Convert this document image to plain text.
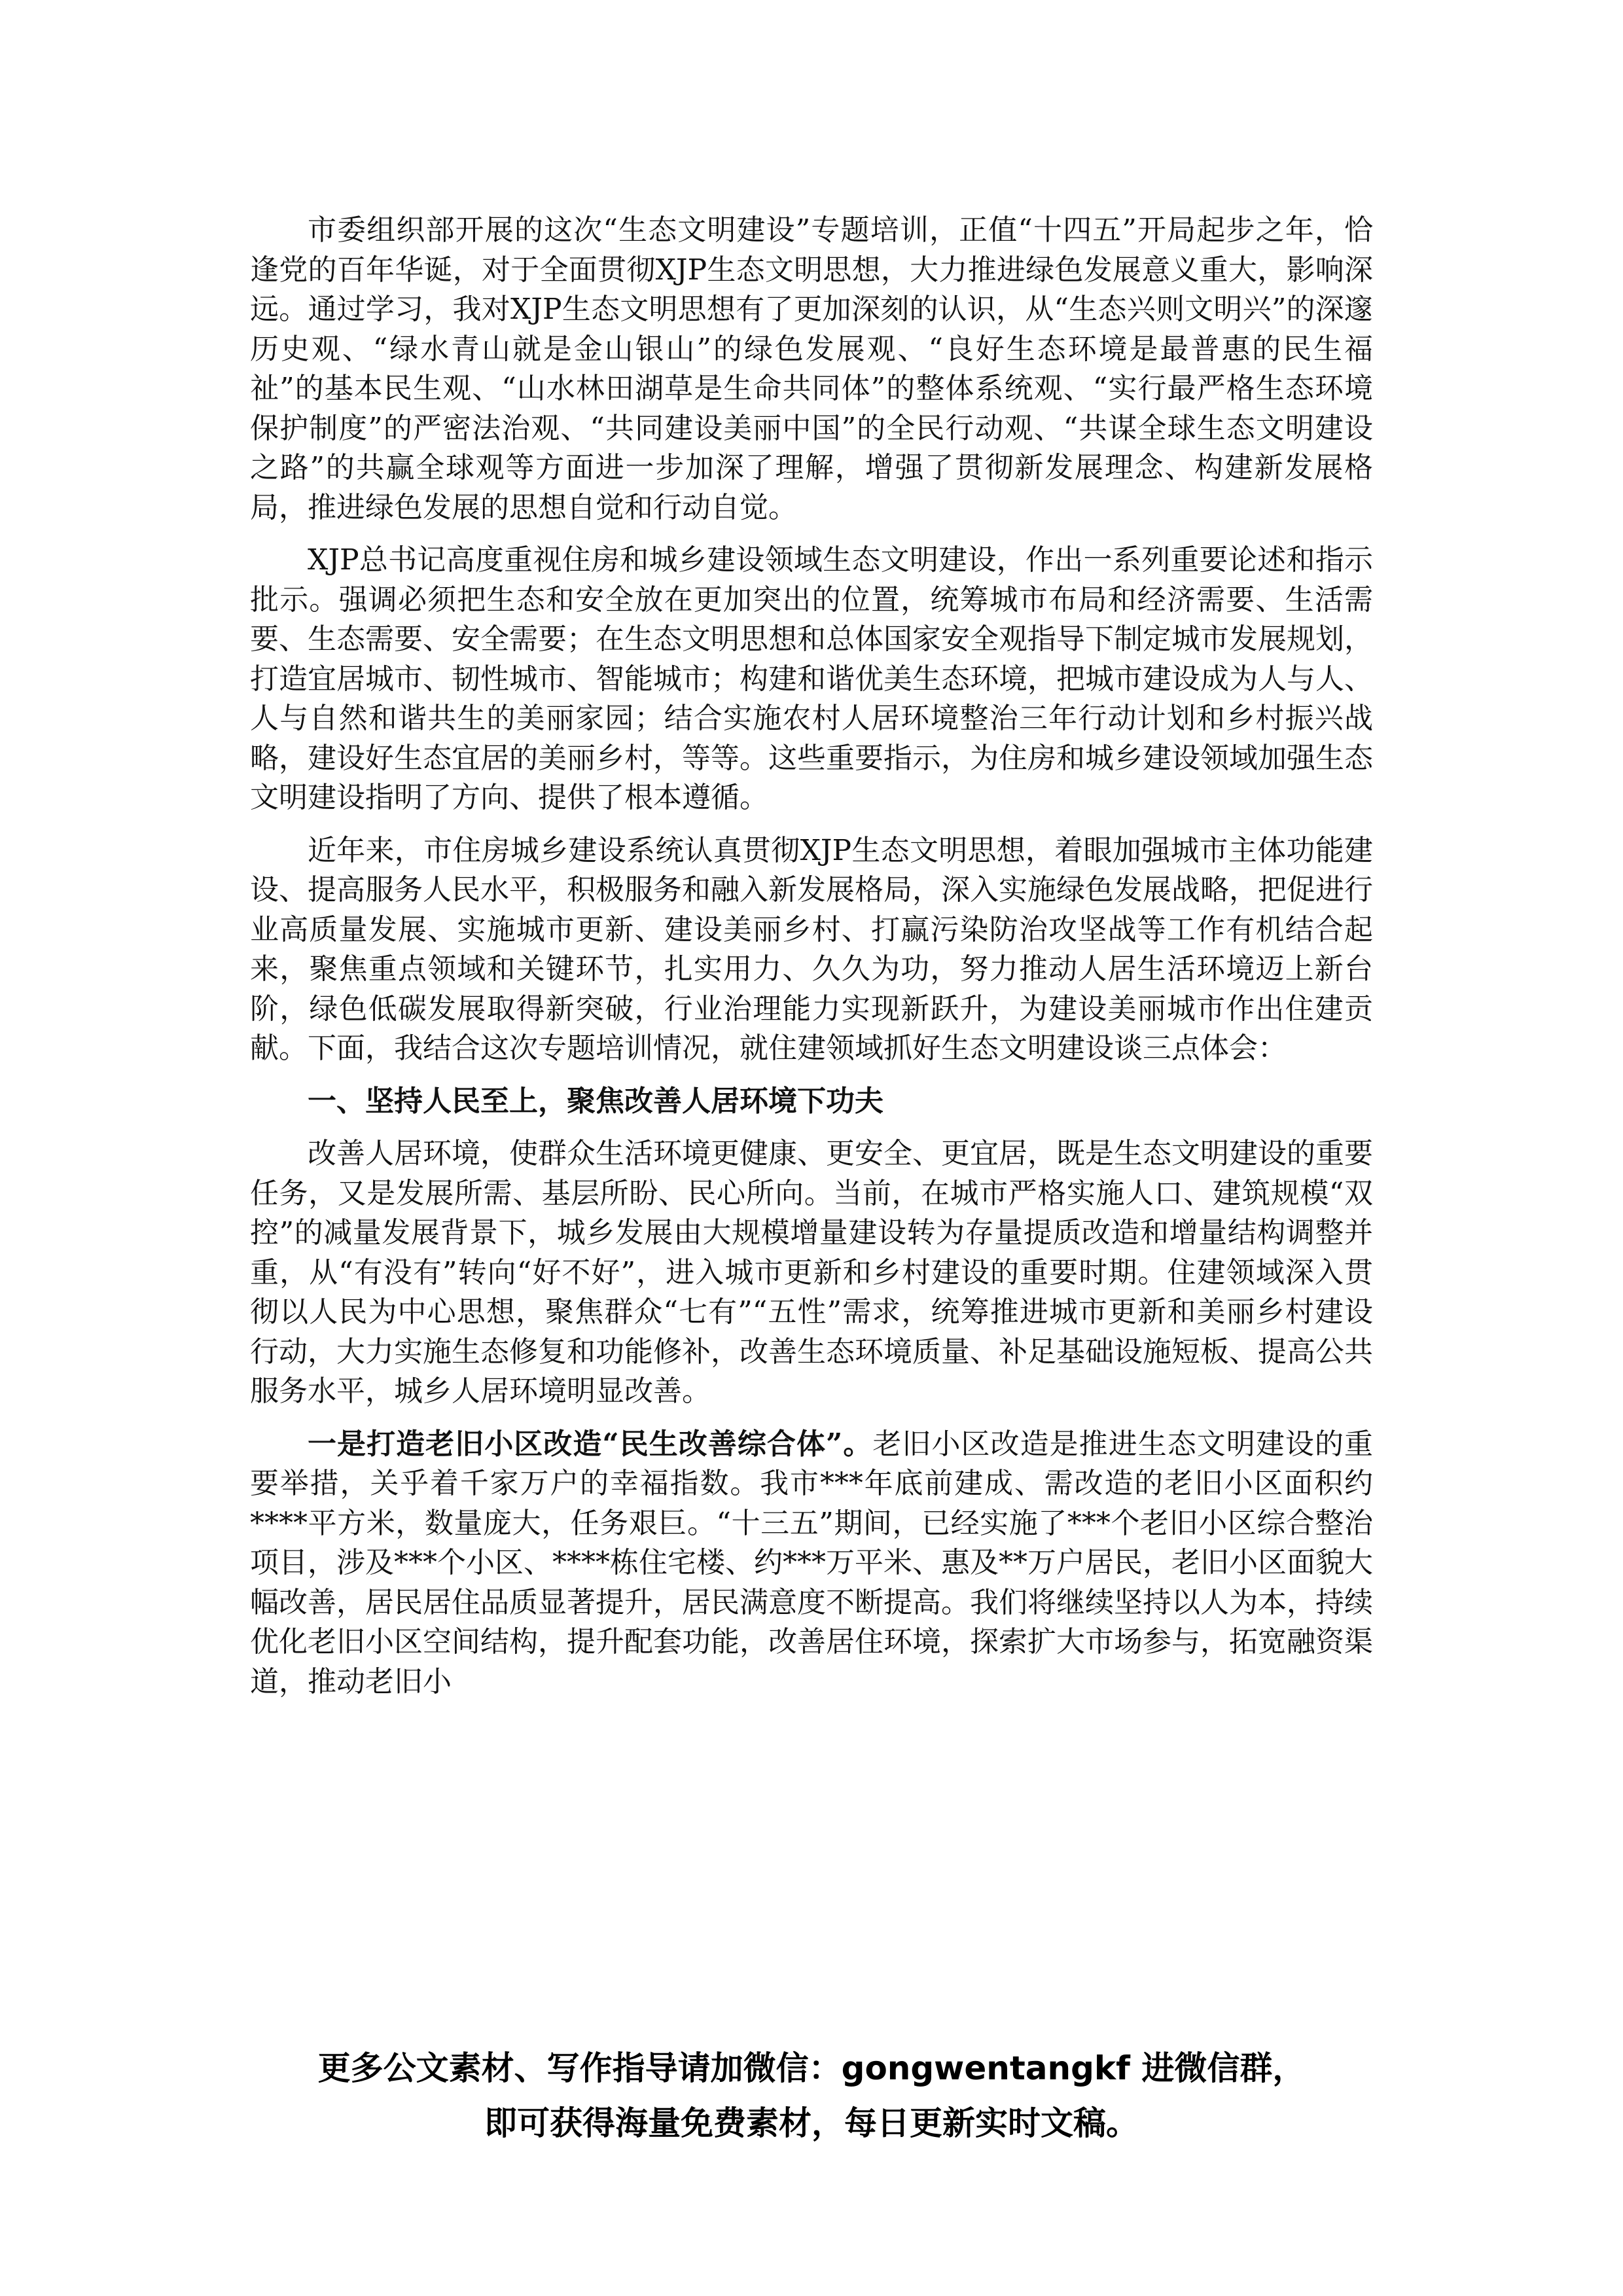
市委组织部开展的这次“生态文明建设”专题培训，正值“十四五”开局起步之年，恰逢党的百年华诞，对于全面贯彻XJP生态文明思想，大力推进绿色发展意义重大，影响深远。通过学习，我对XJP生态文明思想有了更加深刻的认识，从“生态兴则文明兴”的深邃历史观、“绿水青山就是金山银山”的绿色发展观、“良好生态环境是最普惠的民生福祉”的基本民生观、“山水林田湖草是生命共同体”的整体系统观、“实行最严格生态环境保护制度”的严密法治观、“共同建设美丽中国”的全民行动观、“共谋全球生态文明建设之路”的共赢全球观等方面进一步加深了理解，增强了贯彻新发展理念、构建新发展格局，推进绿色发展的思想自觉和行动自觉。

XJP总书记高度重视住房和城乡建设领域生态文明建设，作出一系列重要论述和指示批示。强调必须把生态和安全放在更加突出的位置，统筹城市布局和经济需要、生活需要、生态需要、安全需要；在生态文明思想和总体国家安全观指导下制定城市发展规划，打造宜居城市、韧性城市、智能城市；构建和谐优美生态环境，把城市建设成为人与人、人与自然和谐共生的美丽家园；结合实施农村人居环境整治三年行动计划和乡村振兴战略，建设好生态宜居的美丽乡村，等等。这些重要指示，为住房和城乡建设领域加强生态文明建设指明了方向、提供了根本遵循。

近年来，市住房城乡建设系统认真贯彻XJP生态文明思想，着眼加强城市主体功能建设、提高服务人民水平，积极服务和融入新发展格局，深入实施绿色发展战略，把促进行业高质量发展、实施城市更新、建设美丽乡村、打赢污染防治攻坚战等工作有机结合起来，聚焦重点领域和关键环节，扎实用力、久久为功，努力推动人居生活环境迈上新台阶，绿色低碳发展取得新突破，行业治理能力实现新跃升，为建设美丽城市作出住建贡献。下面，我结合这次专题培训情况，就住建领域抓好生态文明建设谈三点体会：

一、坚持人民至上，聚焦改善人居环境下功夫

改善人居环境，使群众生活环境更健康、更安全、更宜居，既是生态文明建设的重要任务，又是发展所需、基层所盼、民心所向。当前，在城市严格实施人口、建筑规模“双控”的减量发展背景下，城乡发展由大规模增量建设转为存量提质改造和增量结构调整并重，从“有没有”转向“好不好”，进入城市更新和乡村建设的重要时期。住建领域深入贯彻以人民为中心思想，聚焦群众“七有”“五性”需求，统筹推进城市更新和美丽乡村建设行动，大力实施生态修复和功能修补，改善生态环境质量、补足基础设施短板、提高公共服务水平，城乡人居环境明显改善。

一是打造老旧小区改造“民生改善综合体”。老旧小区改造是推进生态文明建设的重要举措，关乎着千家万户的幸福指数。我市***年底前建成、需改造的老旧小区面积约****平方米，数量庞大，任务艰巨。“十三五”期间，已经实施了***个老旧小区综合整治项目，涉及***个小区、****栋住宅楼、约***万平米、惠及**万户居民，老旧小区面貌大幅改善，居民居住品质显著提升，居民满意度不断提高。我们将继续坚持以人为本，持续优化老旧小区空间结构，提升配套功能，改善居住环境，探索扩大市场参与，拓宽融资渠道，推动老旧小

更多公文素材、写作指导请加微信：gongwentangkf 进微信群，
即可获得海量免费素材，每日更新实时文稿。
